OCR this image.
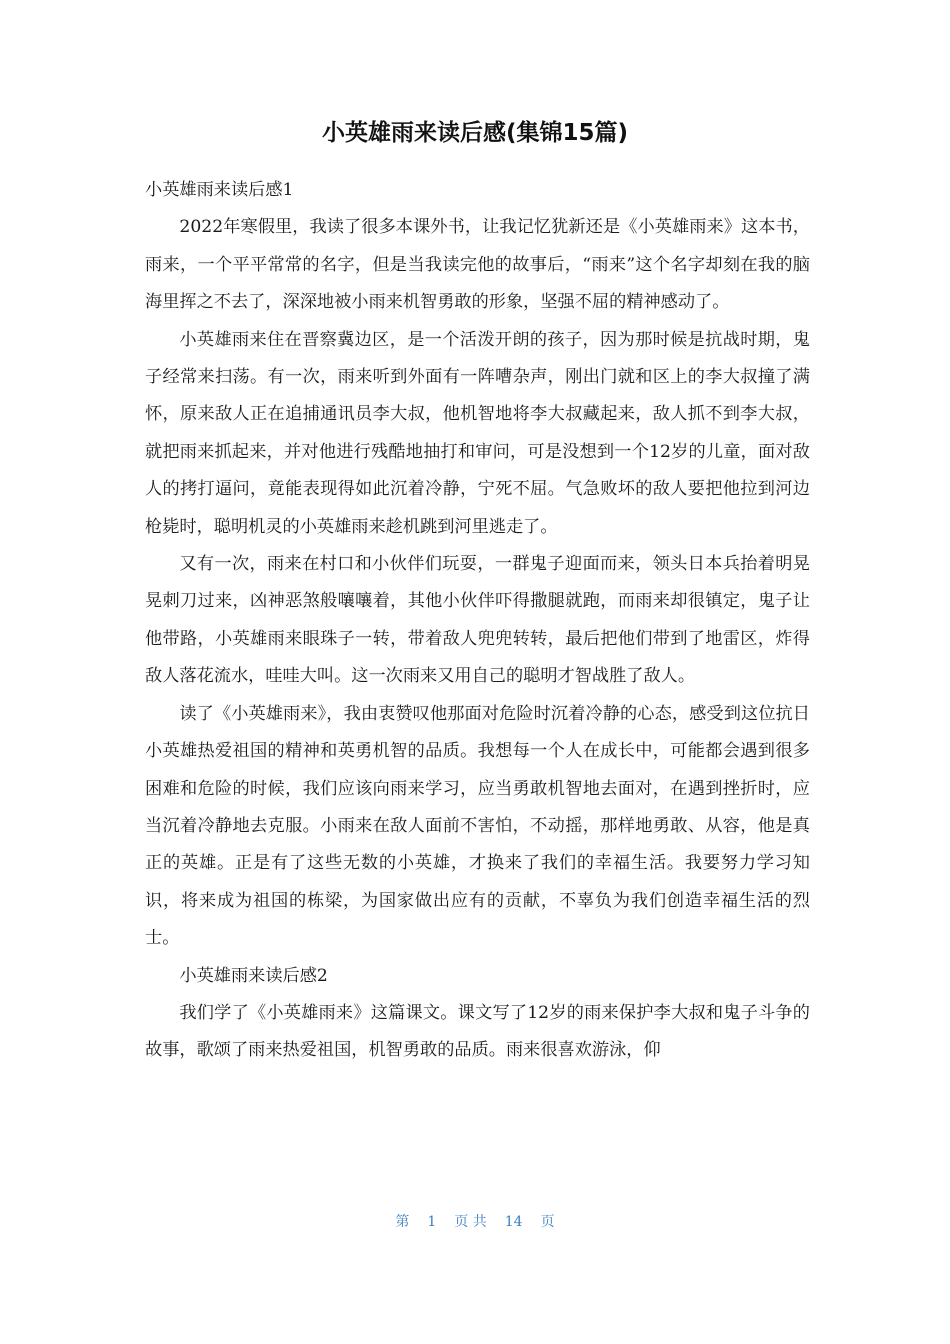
小英雄雨来读后感(集锦15篇)

小英雄雨来读后感1

2022年寒假里，我读了很多本课外书，让我记忆犹新还是《小英雄雨来》这本书，雨来，一个平平常常的名字，但是当我读完他的故事后，“雨来”这个名字却刻在我的脑海里挥之不去了，深深地被小雨来机智勇敢的形象，坚强不屈的精神感动了。

小英雄雨来住在晋察冀边区，是一个活泼开朗的孩子，因为那时候是抗战时期，鬼子经常来扫荡。有一次，雨来听到外面有一阵嘈杂声，刚出门就和区上的李大叔撞了满怀，原来敌人正在追捕通讯员李大叔，他机智地将李大叔藏起来，敌人抓不到李大叔，就把雨来抓起来，并对他进行残酷地抽打和审问，可是没想到一个12岁的儿童，面对敌人的拷打逼问，竟能表现得如此沉着冷静，宁死不屈。气急败坏的敌人要把他拉到河边枪毙时，聪明机灵的小英雄雨来趁机跳到河里逃走了。

又有一次，雨来在村口和小伙伴们玩耍，一群鬼子迎面而来，领头日本兵抬着明晃晃刺刀过来，凶神恶煞般嚷嚷着，其他小伙伴吓得撒腿就跑，而雨来却很镇定，鬼子让他带路，小英雄雨来眼珠子一转，带着敌人兜兜转转，最后把他们带到了地雷区，炸得敌人落花流水，哇哇大叫。这一次雨来又用自己的聪明才智战胜了敌人。

读了《小英雄雨来》，我由衷赞叹他那面对危险时沉着冷静的心态，感受到这位抗日小英雄热爱祖国的精神和英勇机智的品质。我想每一个人在成长中，可能都会遇到很多困难和危险的时候，我们应该向雨来学习，应当勇敢机智地去面对，在遇到挫折时，应当沉着冷静地去克服。小雨来在敌人面前不害怕，不动摇，那样地勇敢、从容，他是真正的英雄。正是有了这些无数的小英雄，才换来了我们的幸福生活。我要努力学习知识，将来成为祖国的栋梁，为国家做出应有的贡献，不辜负为我们创造幸福生活的烈士。

小英雄雨来读后感2

我们学了《小英雄雨来》这篇课文。课文写了12岁的雨来保护李大叔和鬼子斗争的故事，歌颂了雨来热爱祖国，机智勇敢的品质。雨来很喜欢游泳，仰

第 1 页 共 14 页
